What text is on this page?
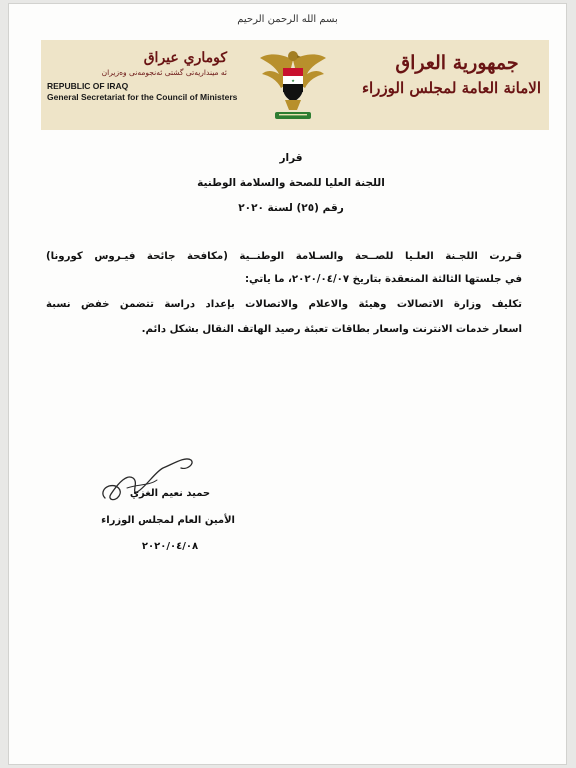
بسم الله الرحمن الرحيم
كوماري عيراق
ئە مینداریەتی گشتی ئەنجومەنی وەزیران
REPUBLIC OF IRAQ
General Secretariat for the Council of Ministers
★
جمهورية العراق
الامانة العامة لمجلس الوزراء
قرار
اللجنة العليا للصحة والسلامة الوطنية
رقم (٢٥) لسنة ٢٠٢٠
قـررت اللجـنة العلـيا للصــحة والسـلامة الوطنــية (مكافحة جائحة فيـروس كورونا)
في جلستها الثالثة المنعقدة بتاريخ ٢٠٢٠/٠٤/٠٧، ما يأتي:
تكليف وزارة الاتصالات وهيئة والاعلام والاتصالات بإعداد دراسة تتضمن خفض نسبة
أسعار خدمات الانترنت وأسعار بطاقات تعبئة رصيد الهاتف النقال بشكل دائم.
حميد نعيم الغزي
الأمين العام لمجلس الوزراء
٢٠٢٠/٠٤/٠٨
